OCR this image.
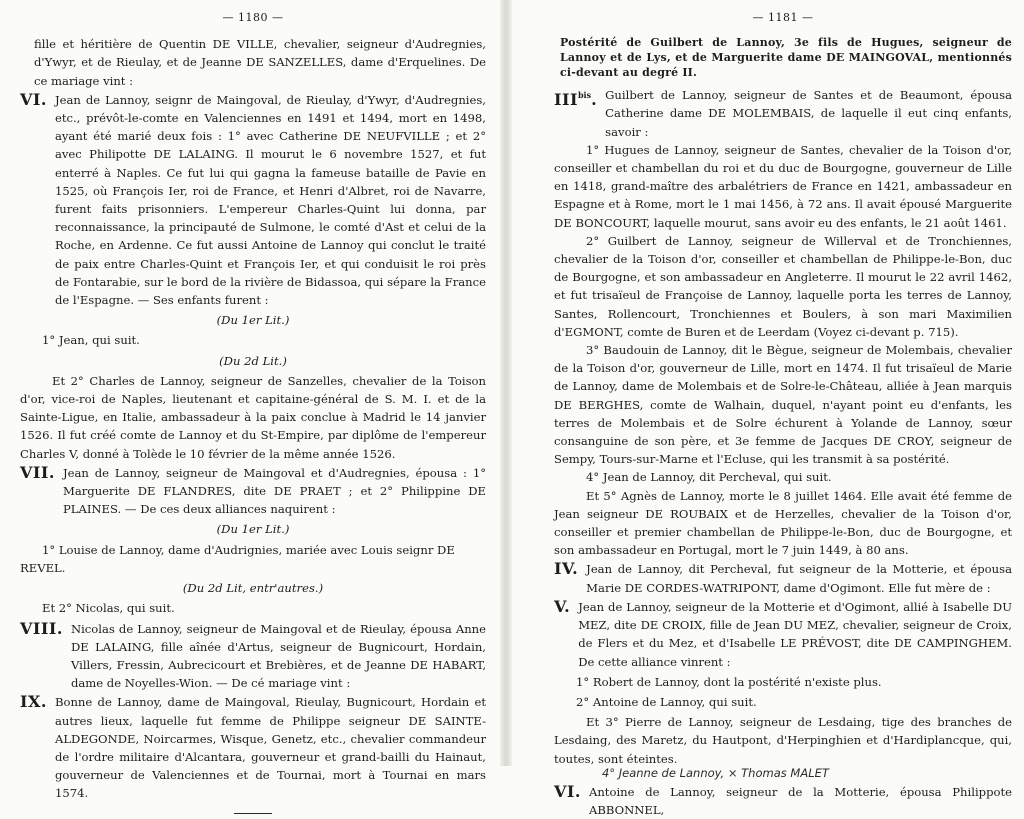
— 1180 —

fille et héritière de Quentin DE VILLE, chevalier, seigneur d'Audregnies, d'Ywyr, et de Rieulay, et de Jeanne DE SANZELLES, dame d'Erquelines. De ce mariage vint :

VI. Jean de Lannoy, seignr de Maingoval, de Rieulay, d'Ywyr, d'Audregnies, etc., prévôt-le-comte en Valenciennes en 1491 et 1494, mort en 1498, ayant été marié deux fois : 1° avec Catherine DE NEUFVILLE ; et 2° avec Philipotte DE LALAING. Il mourut le 6 novembre 1527, et fut enterré à Naples. Ce fut lui qui gagna la fameuse bataille de Pavie en 1525, où François Ier, roi de France, et Henri d'Albret, roi de Navarre, furent faits prisonniers. L'empereur Charles-Quint lui donna, par reconnaissance, la principauté de Sulmone, le comté d'Ast et celui de la Roche, en Ardenne. Ce fut aussi Antoine de Lannoy qui conclut le traité de paix entre Charles-Quint et François Ier, et qui conduisit le roi près de Fontarabie, sur le bord de la rivière de Bidassoa, qui sépare la France de l'Espagne. — Ses enfants furent :
(Du 1er Lit.)
1° Jean, qui suit.
(Du 2d Lit.)

Et 2° Charles de Lannoy, seigneur de Sanzelles, chevalier de la Toison d'or, vice-roi de Naples, lieutenant et capitaine-général de S. M. I. et de la Sainte-Ligue, en Italie, ambassadeur à la paix conclue à Madrid le 14 janvier 1526. Il fut créé comte de Lannoy et du St-Empire, par diplôme de l'empereur Charles V, donné à Tolède le 10 février de la même année 1526.

VII. Jean de Lannoy, seigneur de Maingoval et d'Audregnies, épousa : 1° Marguerite DE FLANDRES, dite DE PRAET ; et 2° Philippine DE PLAINES. — De ces deux alliances naquirent :
(Du 1er Lit.)
1° Louise de Lannoy, dame d'Audrignies, mariée avec Louis seignr DE REVEL.
(Du 2d Lit, entr'autres.)
Et 2° Nicolas, qui suit.
VIII. Nicolas de Lannoy, seigneur de Maingoval et de Rieulay, épousa Anne DE LALAING, fille aînée d'Artus, seigneur de Bugnicourt, Hordain, Villers, Fressin, Aubrecicourt et Brebières, et de Jeanne DE HABART, dame de Noyelles-Wion. — De cé mariage vint :
IX. Bonne de Lannoy, dame de Maingoval, Rieulay, Bugnicourt, Hordain et autres lieux, laquelle fut femme de Philippe seigneur DE SAINTE-ALDEGONDE, Noircarmes, Wisque, Genetz, etc., chevalier commandeur de l'ordre militaire d'Alcantara, gouverneur et grand-bailli du Hainaut, gouverneur de Valenciennes et de Tournai, mort à Tournai en mars 1574.
— 1181 —

Postérité de Guilbert de Lannoy, 3e fils de Hugues, seigneur de Lannoy et de Lys, et de Marguerite dame DE MAINGOVAL, mentionnés ci-devant au degré II.

$III^{bis}$. Guilbert de Lannoy, seigneur de Santes et de Beaumont, épousa Catherine dame DE MOLEMBAIS, de laquelle il eut cinq enfants, savoir :

1° Hugues de Lannoy, seigneur de Santes, chevalier de la Toison d'or, conseiller et chambellan du roi et du duc de Bourgogne, gouverneur de Lille en 1418, grand-maître des arbalétriers de France en 1421, ambassadeur en Espagne et à Rome, mort le 1 mai 1456, à 72 ans. Il avait épousé Marguerite DE BONCOURT, laquelle mourut, sans avoir eu des enfants, le 21 août 1461.

2° Guilbert de Lannoy, seigneur de Willerval et de Tronchiennes, chevalier de la Toison d'or, conseiller et chambellan de Philippe-le-Bon, duc de Bourgogne, et son ambassadeur en Angleterre. Il mourut le 22 avril 1462, et fut trisaïeul de Françoise de Lannoy, laquelle porta les terres de Lannoy, Santes, Rollencourt, Tronchiennes et Boulers, à son mari Maximilien d'EGMONT, comte de Buren et de Leerdam (Voyez ci-devant p. 715).

3° Baudouin de Lannoy, dit le Bègue, seigneur de Molembais, chevalier de la Toison d'or, gouverneur de Lille, mort en 1474. Il fut trisaïeul de Marie de Lannoy, dame de Molembais et de Solre-le-Château, alliée à Jean marquis DE BERGHES, comte de Walhain, duquel, n'ayant point eu d'enfants, les terres de Molembais et de Solre échurent à Yolande de Lannoy, sœur consanguine de son père, et 3e femme de Jacques DE CROY, seigneur de Sempy, Tours-sur-Marne et l'Ecluse, qui les transmit à sa postérité.

4° Jean de Lannoy, dit Percheval, qui suit.

Et 5° Agnès de Lannoy, morte le 8 juillet 1464. Elle avait été femme de Jean seigneur DE ROUBAIX et de Herzelles, chevalier de la Toison d'or, conseiller et premier chambellan de Philippe-le-Bon, duc de Bourgogne, et son ambassadeur en Portugal, mort le 7 juin 1449, à 80 ans.

IV. Jean de Lannoy, dit Percheval, fut seigneur de la Motterie, et épousa Marie DE CORDES-WATRIPONT, dame d'Ogimont. Elle fut mère de :
V. Jean de Lannoy, seigneur de la Motterie et d'Ogimont, allié à Isabelle DU MEZ, dite DE CROIX, fille de Jean DU MEZ, chevalier, seigneur de Croix, de Flers et du Mez, et d'Isabelle LE PRÉVOST, dite DE CAMPINGHEM. De cette alliance vinrent :
1° Robert de Lannoy, dont la postérité n'existe plus.
2° Antoine de Lannoy, qui suit.

Et 3° Pierre de Lannoy, seigneur de Lesdaing, tige des branches de Lesdaing, des Maretz, du Hautpont, d'Herpinghien et d'Hardiplancque, qui, toutes, sont éteintes.

4° Jeanne de Lannoy, × Thomas MALET
VI. Antoine de Lannoy, seigneur de la Motterie, épousa Philippote ABBONNEL,
